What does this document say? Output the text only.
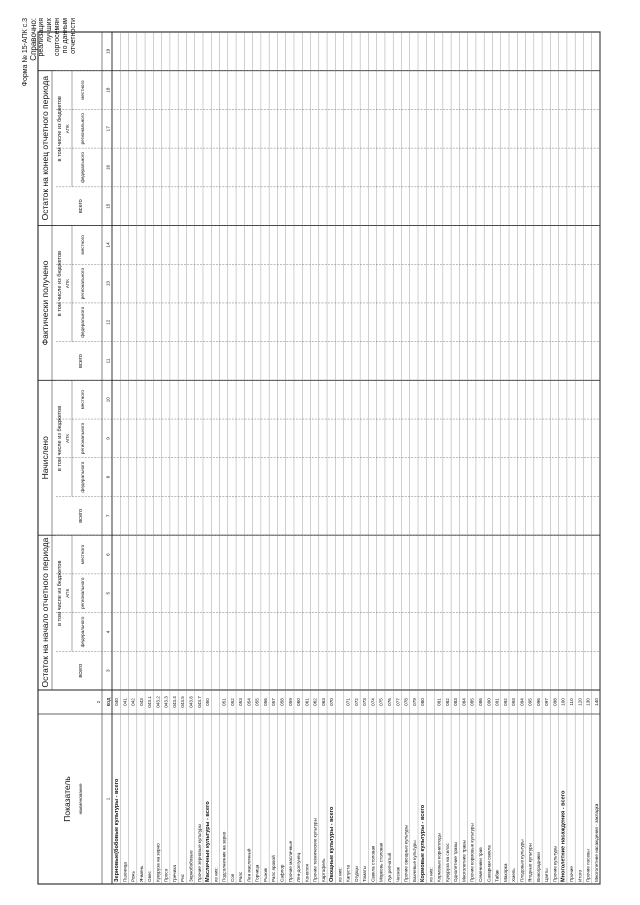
Показатель наименование
код
Остаток на начало отчетного периода	всего
в том числе из бюджетов АПК
федерального
регионального
местного
Начислено
всего
в том числе из бюджетов АПК
федерального
регионального
местного
Фактически получено
всего
в том числе из бюджетов АПК
федерального
регионального
местного
Остаток на конец отчетного периода	всего
в том числе из бюджетов АПК
федерального
регионального
местного
3
4
5
6
7
8
9
10
11
12
13
14
15
16
17
18
19
1
2
Зерновые(бобовые культуры - всего
040
Пшеница
041
Рожь
042
Ячмень
043
Овес
043.1
Кукуруза на зерно
043.2
Просо
043.3
Гречиха
043.4
Рис
043.5
Зернобобовые
043.6
Прочие зерновые культуры
043.7
Масличные культуры - всего
050
из них: Подсолнечник на зерно
051
Соя
052
Рапс
053
Лен масличный
054
Горчица
055
Рыжик
056
Рапс яровой
057
Сафлор
058
Прочие масличные
059
Лен-долгунец
060
Конопля
061
Прочие технические культуры
062
Картофель
063
Овощные культуры - всего
070
из них: Капуста
071
Огурцы
072
Томаты
073
Свекла столовая
074
Морковь столовая
075
Лук репчатый
076
Чеснок
077
Прочие овощные культуры
078
Бахчевые культуры
079
Кормовые культуры - всего
080
из них: Кормовые корнеплоды
081
Кукуруза на силос
082
Однолетние травы
083
Многолетние травы
084
Прочие кормовые культуры
085
Семенники трав
086
Сахарная свекла
090
Табак
091
Махорка
092
Хмель
093
Плодовые культуры
094
Ягодные культуры
095
Виноградники
096
Цветы
097
Прочие культуры
098
Многолетние насаждения - всего
100
Прочие
110
Итого
120
Прочие посевы
130
Многолетние насаждения - закладка
140
Форма № 15-АПК с.3 Справочно: реализация лучших сортосемян по данным отчетности
